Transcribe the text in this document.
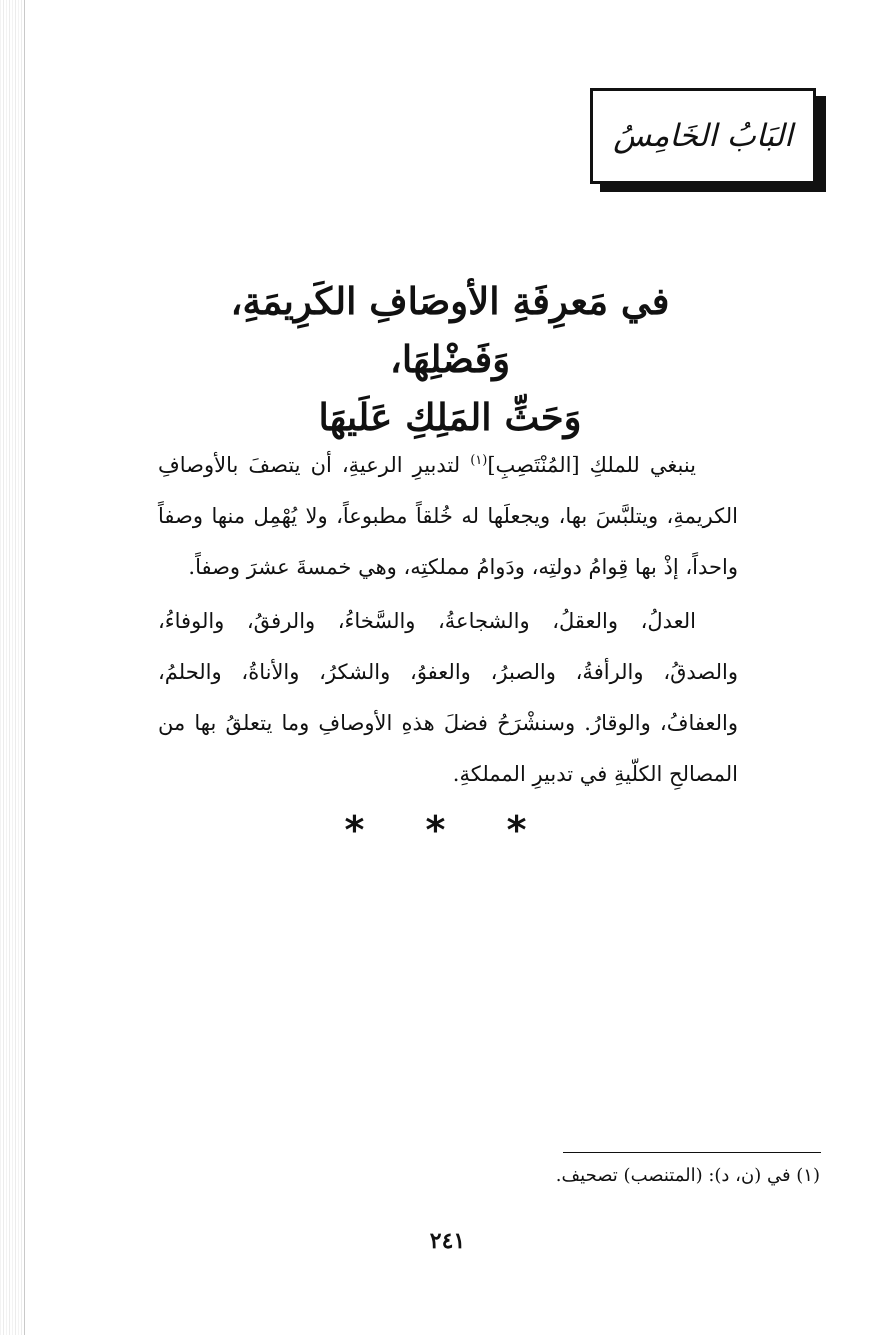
البَابُ الخَامِسُ
في مَعرِفَةِ الأوصَافِ الكَرِيمَةِ، وَفَضْلِهَا،
وَحَثِّ المَلِكِ عَلَيهَا

ينبغي للملكِ [المُنْتَصِبِ]$^{(١)}$ لتدبيرِ الرعيةِ، أن يتصفَ بالأوصافِ الكريمةِ، ويتلبَّسَ بها، ويجعلَها له خُلقاً مطبوعاً، ولا يُهْمِل منها وصفاً واحداً، إذْ بها قِوامُ دولتِه، ودَوامُ مملكتِه، وهي خمسةَ عشرَ وصفاً.

العدلُ، والعقلُ، والشجاعةُ، والسَّخاءُ، والرفقُ، والوفاءُ، والصدقُ، والرأفةُ، والصبرُ، والعفوُ، والشكرُ، والأناةُ، والحلمُ، والعفافُ، والوقارُ. وسنشْرَحُ فضلَ هذهِ الأوصافِ وما يتعلقُ بها من المصالحِ الكلّيةِ في تدبيرِ المملكةِ.

* * *
(١) في (ن، د): (المتنصب) تصحيف.
٢٤١
